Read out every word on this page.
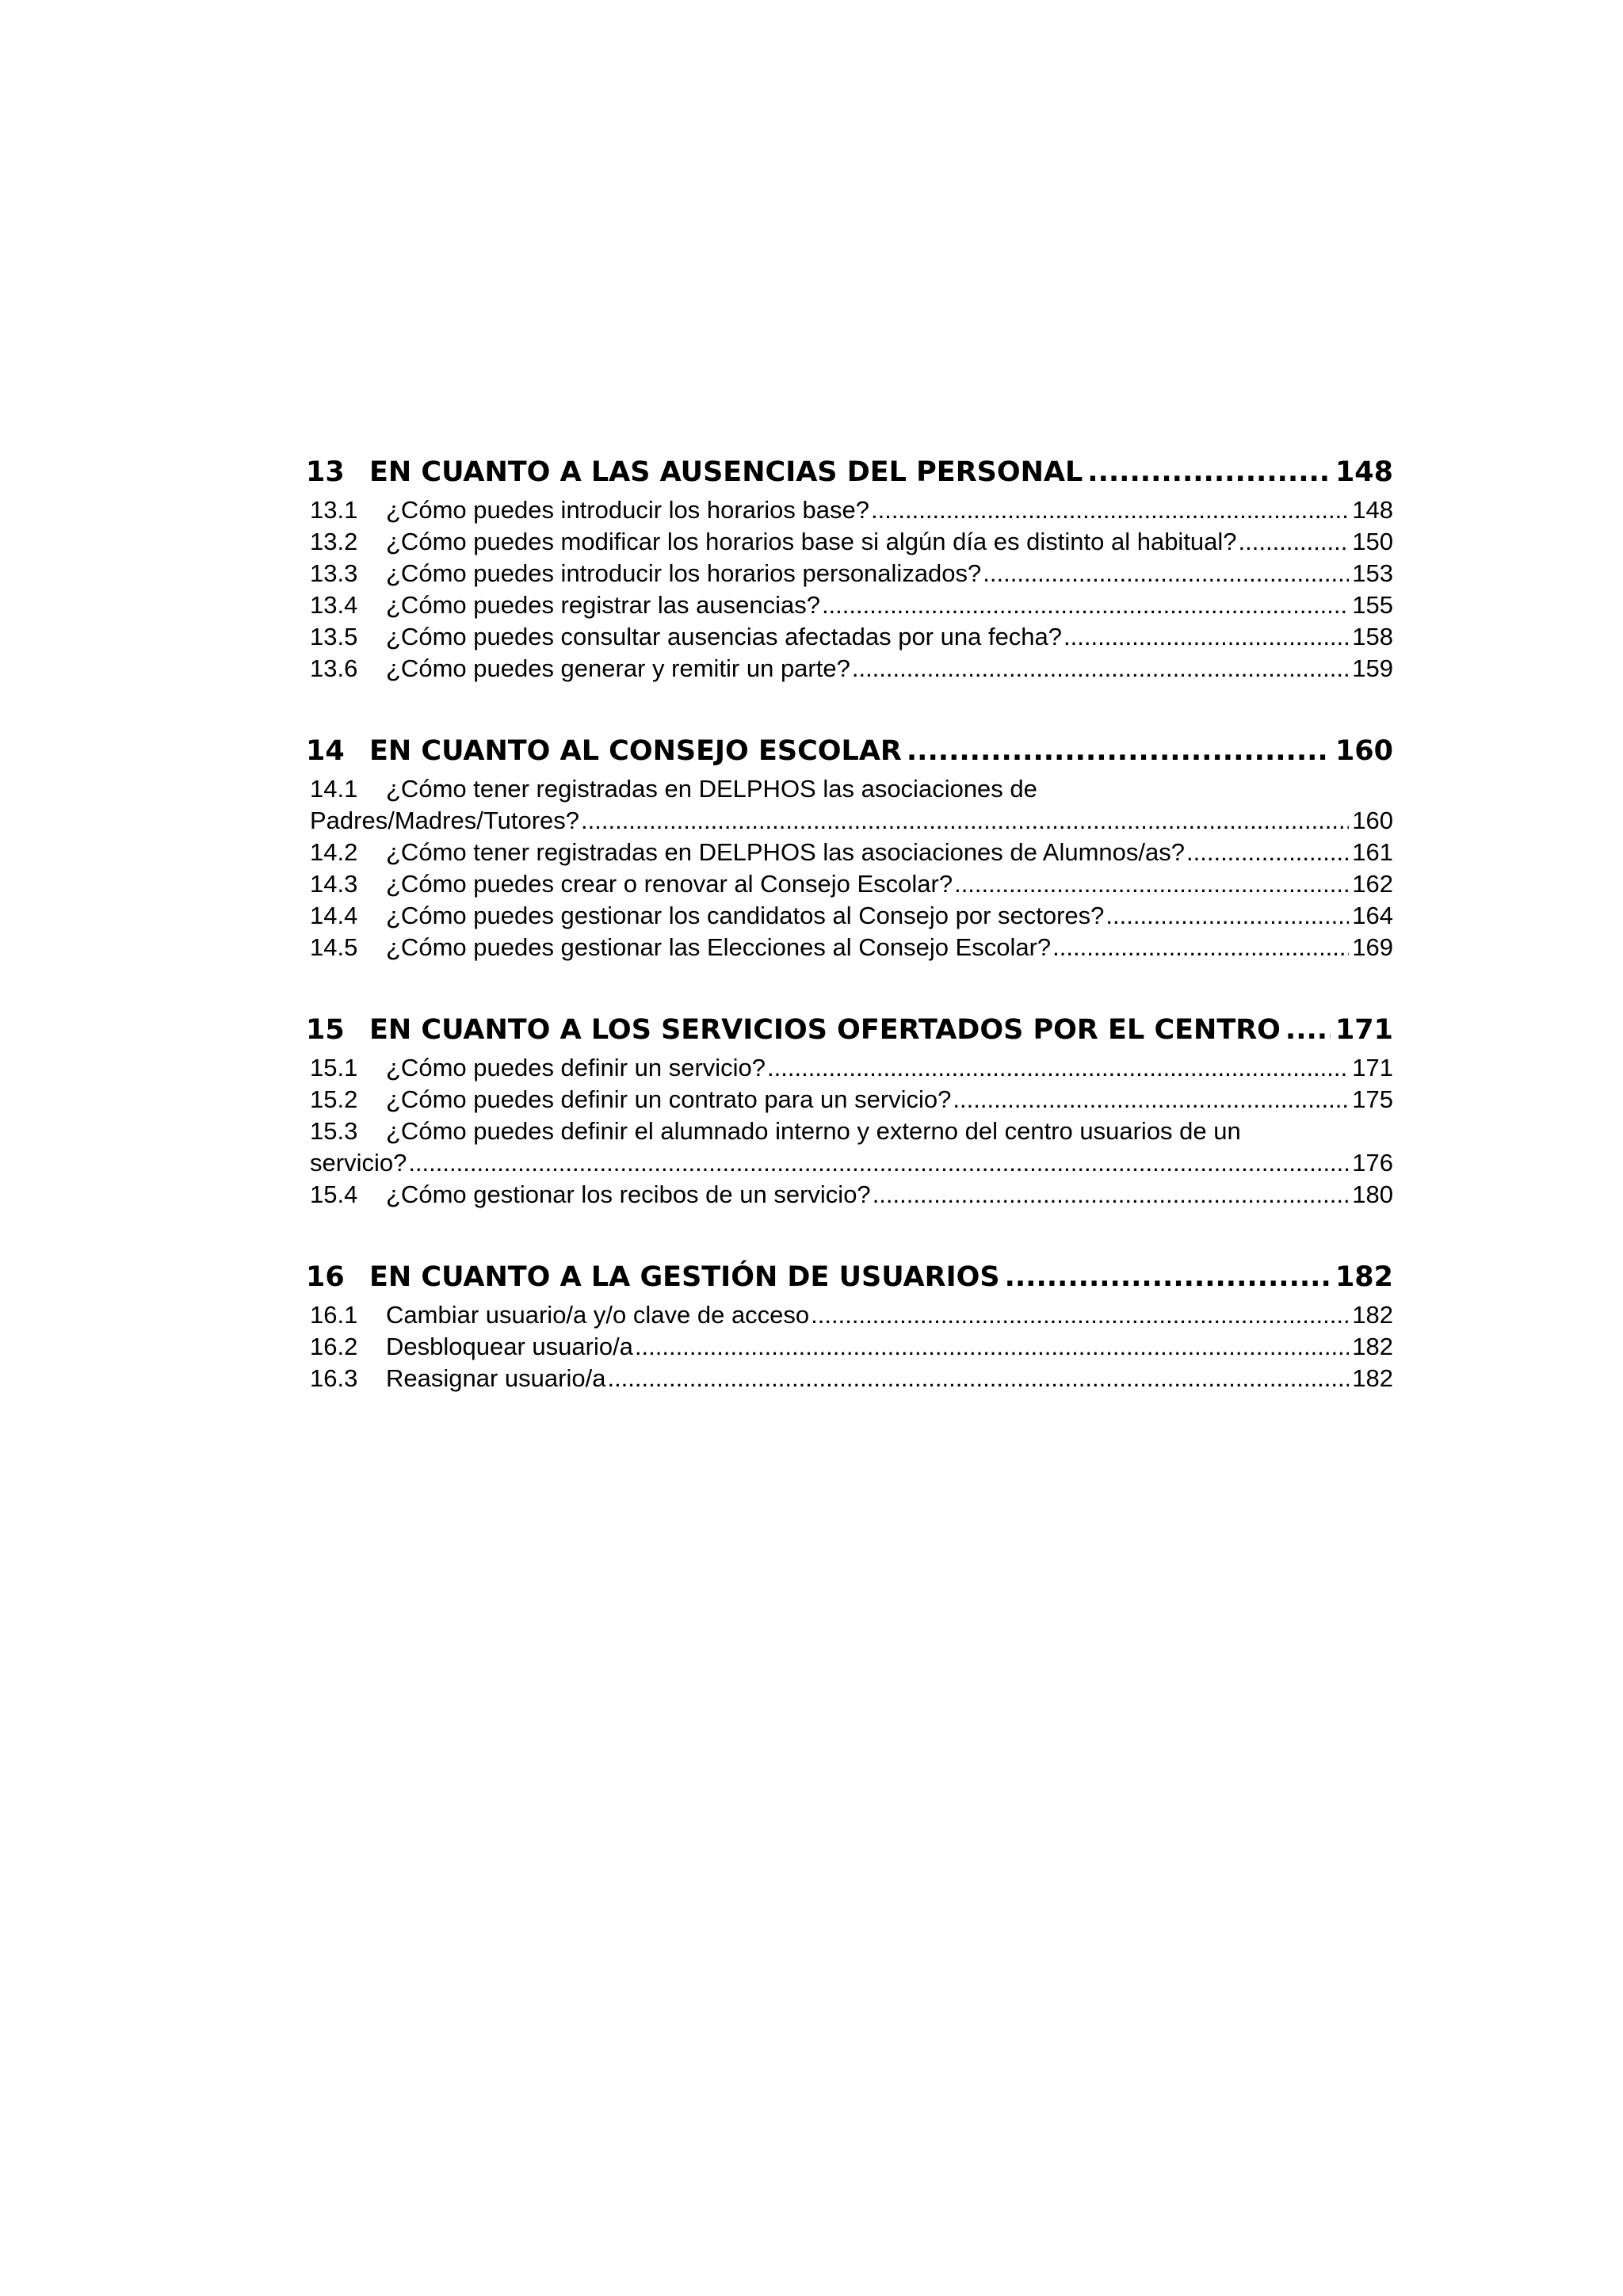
13 EN CUANTO A LAS AUSENCIAS DEL PERSONAL .....	148
13.1	¿Cómo puedes introducir los horarios base? .....	148
13.2	¿Cómo puedes modificar los horarios base si algún día es distinto al habitual? .....	150
13.3	¿Cómo puedes introducir los horarios personalizados? .....	153
13.4	¿Cómo puedes registrar las ausencias? .....	155
13.5	¿Cómo puedes consultar ausencias afectadas por una fecha? .....	158
13.6	¿Cómo puedes generar y remitir un parte? .....	159
14 EN CUANTO AL CONSEJO ESCOLAR .....	160
14.1	¿Cómo tener registradas en DELPHOS las asociaciones de
Padres/Madres/Tutores? .....	160
14.2	¿Cómo tener registradas en DELPHOS las asociaciones de Alumnos/as? .....	161
14.3	¿Cómo puedes crear o renovar al Consejo Escolar? .....	162
14.4	¿Cómo puedes gestionar los candidatos al Consejo por sectores? .....	164
14.5	¿Cómo puedes gestionar las Elecciones al Consejo Escolar? .....	169
15 EN CUANTO A LOS SERVICIOS OFERTADOS POR EL CENTRO ..... 171
15.1	¿Cómo puedes definir un servicio? .....	171
15.2	¿Cómo puedes definir un contrato para un servicio? .....	175
15.3	¿Cómo puedes definir el alumnado interno y externo del centro usuarios de un
servicio? .....	176
15.4	¿Cómo gestionar los recibos de un servicio? .....	180
16 EN CUANTO A LA GESTIÓN DE USUARIOS .....	182
16.1	Cambiar usuario/a y/o clave de acceso .....	182
16.2	Desbloquear usuario/a .....	182
16.3	Reasignar usuario/a .....	182
